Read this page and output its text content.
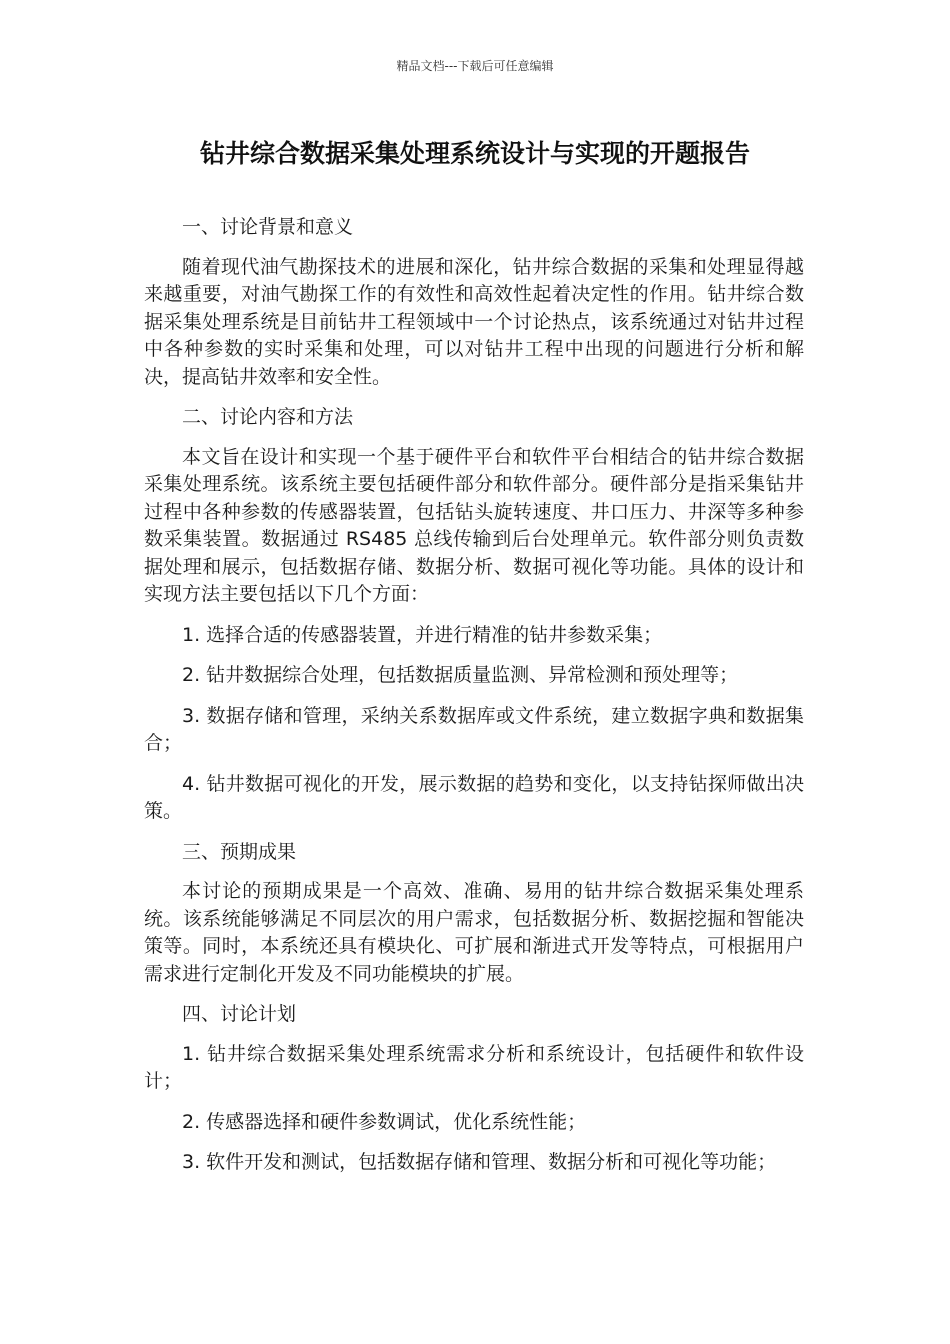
精品文档---下载后可任意编辑
钻井综合数据采集处理系统设计与实现的开题报告

一、讨论背景和意义

随着现代油气勘探技术的进展和深化，钻井综合数据的采集和处理显得越来越重要，对油气勘探工作的有效性和高效性起着决定性的作用。钻井综合数据采集处理系统是目前钻井工程领域中一个讨论热点，该系统通过对钻井过程中各种参数的实时采集和处理，可以对钻井工程中出现的问题进行分析和解决，提高钻井效率和安全性。

二、讨论内容和方法

本文旨在设计和实现一个基于硬件平台和软件平台相结合的钻井综合数据采集处理系统。该系统主要包括硬件部分和软件部分。硬件部分是指采集钻井过程中各种参数的传感器装置，包括钻头旋转速度、井口压力、井深等多种参数采集装置。数据通过 RS485 总线传输到后台处理单元。软件部分则负责数据处理和展示，包括数据存储、数据分析、数据可视化等功能。具体的设计和实现方法主要包括以下几个方面：

1. 选择合适的传感器装置，并进行精准的钻井参数采集；

2. 钻井数据综合处理，包括数据质量监测、异常检测和预处理等；

3. 数据存储和管理，采纳关系数据库或文件系统，建立数据字典和数据集合；

4. 钻井数据可视化的开发，展示数据的趋势和变化，以支持钻探师做出决策。

三、预期成果

本讨论的预期成果是一个高效、准确、易用的钻井综合数据采集处理系统。该系统能够满足不同层次的用户需求，包括数据分析、数据挖掘和智能决策等。同时，本系统还具有模块化、可扩展和渐进式开发等特点，可根据用户需求进行定制化开发及不同功能模块的扩展。

四、讨论计划

1. 钻井综合数据采集处理系统需求分析和系统设计，包括硬件和软件设计；

2. 传感器选择和硬件参数调试，优化系统性能；

3. 软件开发和测试，包括数据存储和管理、数据分析和可视化等功能；
